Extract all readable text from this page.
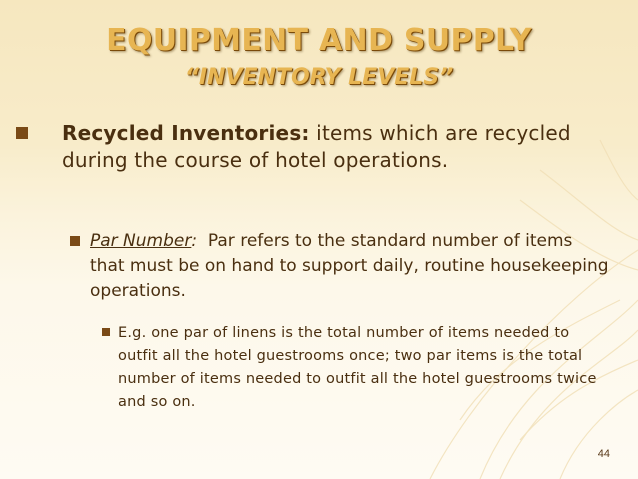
EQUIPMENT AND SUPPLY
“INVENTORY LEVELS”
Recycled Inventories: items which are recycled during the course of hotel operations.
Par Number:  Par refers to the standard number of items that must be on hand to support daily, routine housekeeping operations.
E.g. one par of linens is the total number of items needed to outfit all the hotel guestrooms once; two par items is the total number of items needed to outfit all the hotel guestrooms twice and so on.
44
